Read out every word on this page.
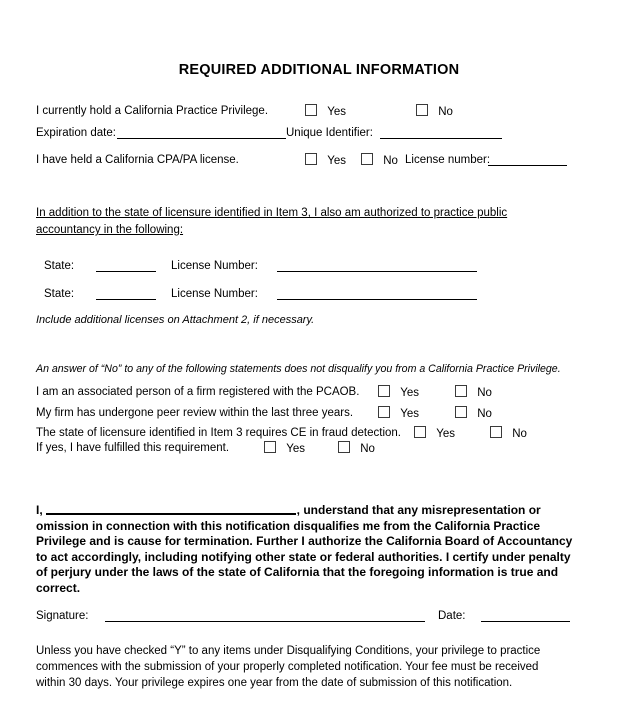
REQUIRED ADDITIONAL INFORMATION
I currently hold a California Practice Privilege.	Yes	No
Expiration date:	Unique Identifier:
I have held a California CPA/PA license.	Yes	No License number:
In addition to the state of licensure identified in Item 3, I also am authorized to practice public
accountancy in the following:
State:	License Number:
State:	License Number:
Include additional licenses on Attachment 2, if necessary.
An answer of “No” to any of the following statements does not disqualify you from a California Practice Privilege.
I am an associated person of a firm registered with the PCAOB.	Yes	No
My firm has undergone peer review within the last three years.	Yes	No
The state of licensure identified in Item 3 requires CE in fraud detection.	Yes	No
If yes, I have fulfilled this requirement.	Yes	No
I,	, understand that any misrepresentation or omission in connection with this notification disqualifies me from the California Practice Privilege and is cause for termination. Further I authorize the California Board of Accountancy to act accordingly, including notifying other state or federal authorities. I certify under penalty of perjury under the laws of the state of California that the foregoing information is true and correct.
Signature:	Date:
Unless you have checked “Y” to any items under Disqualifying Conditions, your privilege to practice commences with the submission of your properly completed notification. Your fee must be received within 30 days. Your privilege expires one year from the date of submission of this notification.
